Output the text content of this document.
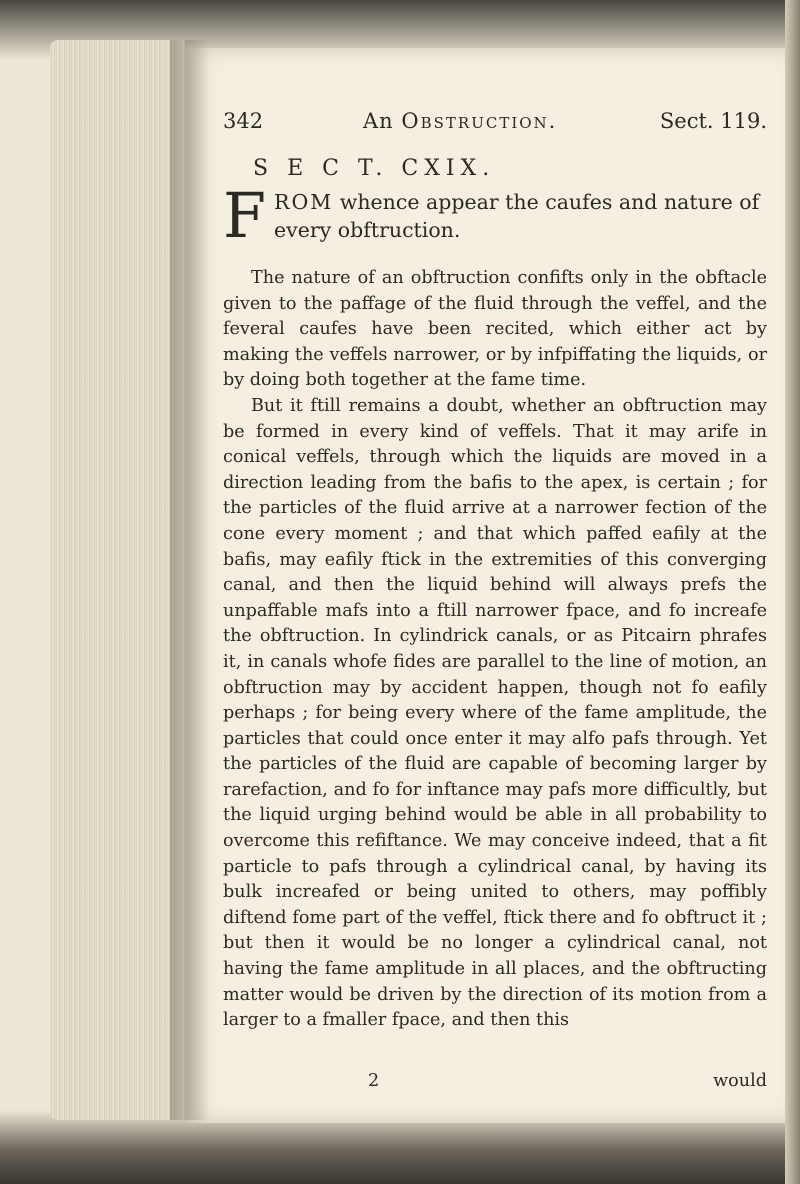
342	An Obstruction.	Sect. 119.
S E C T. CXIX.
FROM whence appear the caufes and nature of every obftruction.

The nature of an obftruction confifts only in the obftacle given to the paffage of the fluid through the veffel, and the feveral caufes have been recited, which either act by making the veffels narrower, or by infpiffating the liquids, or by doing both together at the fame time.

But it ftill remains a doubt, whether an obftruction may be formed in every kind of veffels. That it may arife in conical veffels, through which the liquids are moved in a direction leading from the bafis to the apex, is certain ; for the particles of the fluid arrive at a narrower fection of the cone every moment ; and that which paffed eafily at the bafis, may eafily ftick in the extremities of this converging canal, and then the liquid behind will always prefs the unpaffable mafs into a ftill narrower fpace, and fo increafe the obftruction. In cylindrick canals, or as Pitcairn phrafes it, in canals whofe fides are parallel to the line of motion, an obftruction may by accident happen, though not fo eafily perhaps ; for being every where of the fame amplitude, the particles that could once enter it may alfo pafs through. Yet the particles of the fluid are capable of becoming larger by rarefaction, and fo for inftance may pafs more difficultly, but the liquid urging behind would be able in all probability to overcome this refiftance. We may conceive indeed, that a fit particle to pafs through a cylindrical canal, by having its bulk increafed or being united to others, may poffibly diftend fome part of the veffel, ftick there and fo obftruct it ; but then it would be no longer a cylindrical canal, not having the fame amplitude in all places, and the obftructing matter would be driven by the direction of its motion from a larger to a fmaller fpace, and then this

2	would
